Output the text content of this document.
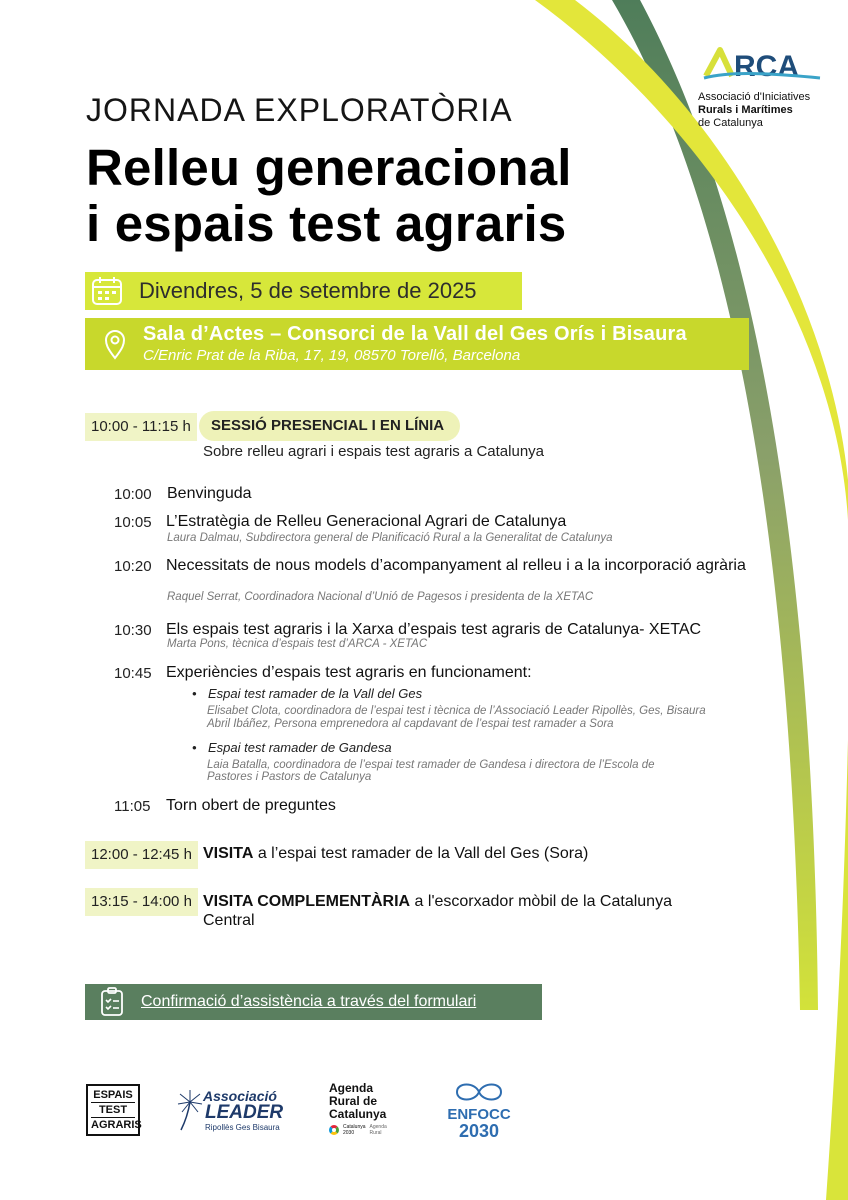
JORNADA EXPLORATÒRIA
Relleu generacional
i espais test agraris
RCA
Associació d'Iniciatives
Rurals i Marítimes
de Catalunya
Divendres, 5 de setembre de 2025
Sala d’Actes – Consorci de la Vall del Ges Orís i Bisaura
C/Enric Prat de la Riba, 17, 19, 08570 Torelló, Barcelona
10:00 - 11:15 h	SESSIÓ PRESENCIAL I EN LÍNIA
Sobre relleu agrari i espais test agraris a Catalunya
10:00 Benvinguda
10:05 L’Estratègia de Relleu Generacional Agrari de Catalunya
Laura Dalmau, Subdirectora general de Planificació Rural a la Generalitat de Catalunya
10:20 Necessitats de nous models d’acompanyament al relleu i a la incorporació agrària
Raquel Serrat, Coordinadora Nacional d’Unió de Pagesos i presidenta de la XETAC
10:30 Els espais test agraris i la Xarxa d’espais test agraris de Catalunya- XETAC
Marta Pons, tècnica d’espais test d’ARCA - XETAC
10:45 Experiències d’espais test agraris en funcionament:
• Espai test ramader de la Vall del Ges
Elisabet Clota, coordinadora de l’espai test i tècnica de l’Associació Leader Ripollès, Ges, Bisaura
Abril Ibáñez, Persona emprenedora al capdavant de l’espai test ramader a Sora
• Espai test ramader de Gandesa
Laia Batalla, coordinadora de l’espai test ramader de Gandesa i directora de l’Escola de
Pastores i Pastors de Catalunya
11:05 Torn obert de preguntes
12:00 - 12:45 h VISITA a l’espai test ramader de la Vall del Ges (Sora)
13:15 - 14:00 h VISITA COMPLEMENTÀRIA a l'escorxador mòbil de la Catalunya
Central
Confirmació d’assistència a través del formulari
ESPAIS
TEST
AGRARIS
Associació
LEADER
Ripollès Ges Bisaura
Agenda
Rural de
Catalunya
Catalunya
2030
Agenda
Rural
ENFOCC
2030
